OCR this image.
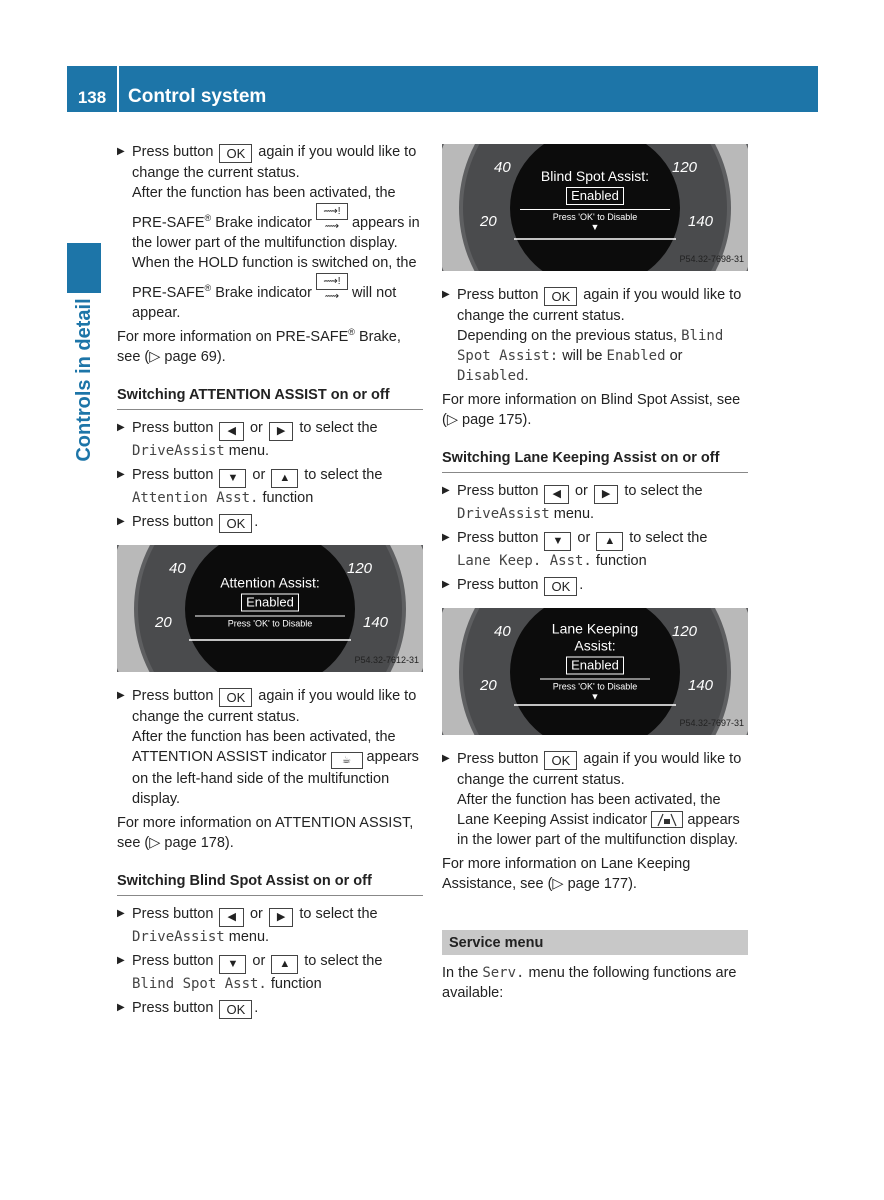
138	Control system
Controls in detail
▶ Press button OK again if you would like to change the current status.
After the function has been activated, the PRE-SAFE® Brake indicator ⟿!⟿ appears in the lower part of the multifunction display. When the HOLD function is switched on, the PRE-SAFE® Brake indicator ⟿!⟿ will not appear.

For more information on PRE-SAFE® Brake, see (▷ page 69).

Switching ATTENTION ASSIST on or off
▶ Press button ◀ or ▶ to select the
DriveAssist menu.
▶ Press button ▼ or ▲ to select the
Attention Asst. function
▶ Press button OK .
40	120
20	140
Attention Assist:
Enabled
Press 'OK' to Disable
P54.32-7612-31
▶ Press button OK again if you would like to change the current status.
After the function has been activated, the ATTENTION ASSIST indicator ☕ appears on the left-hand side of the multifunction display.

For more information on ATTENTION ASSIST, see (▷ page 178).

Switching Blind Spot Assist on or off
▶ Press button ◀ or ▶ to select the
DriveAssist menu.
▶ Press button ▼ or ▲ to select the
Blind Spot Asst. function
▶ Press button OK .
40	120
20	140
Blind Spot Assist:
Enabled
Press 'OK' to Disable
▼
P54.32-7698-31
▶ Press button OK again if you would like to change the current status.
Depending on the previous status, Blind Spot Assist: will be Enabled or Disabled.

For more information on Blind Spot Assist, see (▷ page 175).

Switching Lane Keeping Assist on or off
▶ Press button ◀ or ▶ to select the
DriveAssist menu.
▶ Press button ▼ or ▲ to select the
Lane Keep. Asst. function
▶ Press button OK .
40	120
20	140
Lane Keeping Assist:
Enabled
Press 'OK' to Disable
▼
P54.32-7697-31
▶ Press button OK again if you would like to change the current status.
After the function has been activated, the Lane Keeping Assist indicator	appears in the lower part of the multifunction display.

For more information on Lane Keeping Assistance, see (▷ page 177).

Service menu

In the Serv. menu the following functions are available:
